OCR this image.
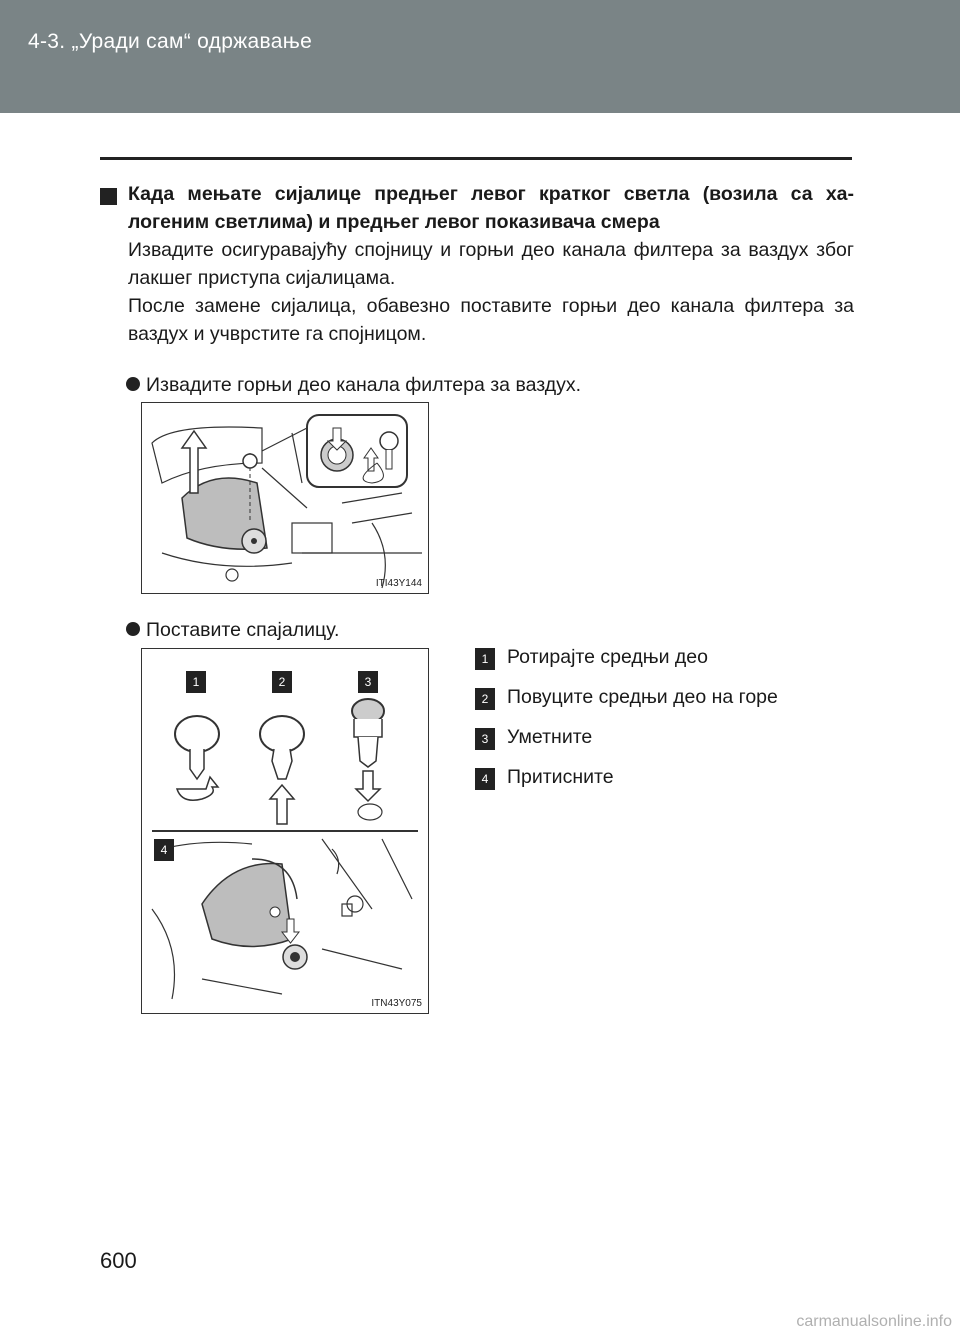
4-3. „Уради сам“ одржавање
Када мењате сијалице предњег левог кратког светла (возила са ха-логеним светлима) и предњег левог показивача смера
Извадите осигуравајућу спојницу и горњи део канала филтера за ваздух због лакшег приступа сијалицама.
После замене сијалица, обавезно поставите горњи део канала филтера за ваздух и учврстите га спојницом.
Извадите горњи део канала филтера за ваздух.
ITI43Y144
Поставите спајалицу.
1	2	3
4
ITN43Y075
1 Ротирајте средњи део
2 Повуците средњи део на горе
3 Уметните
4 Притисните
600
carmanualsonline.info
